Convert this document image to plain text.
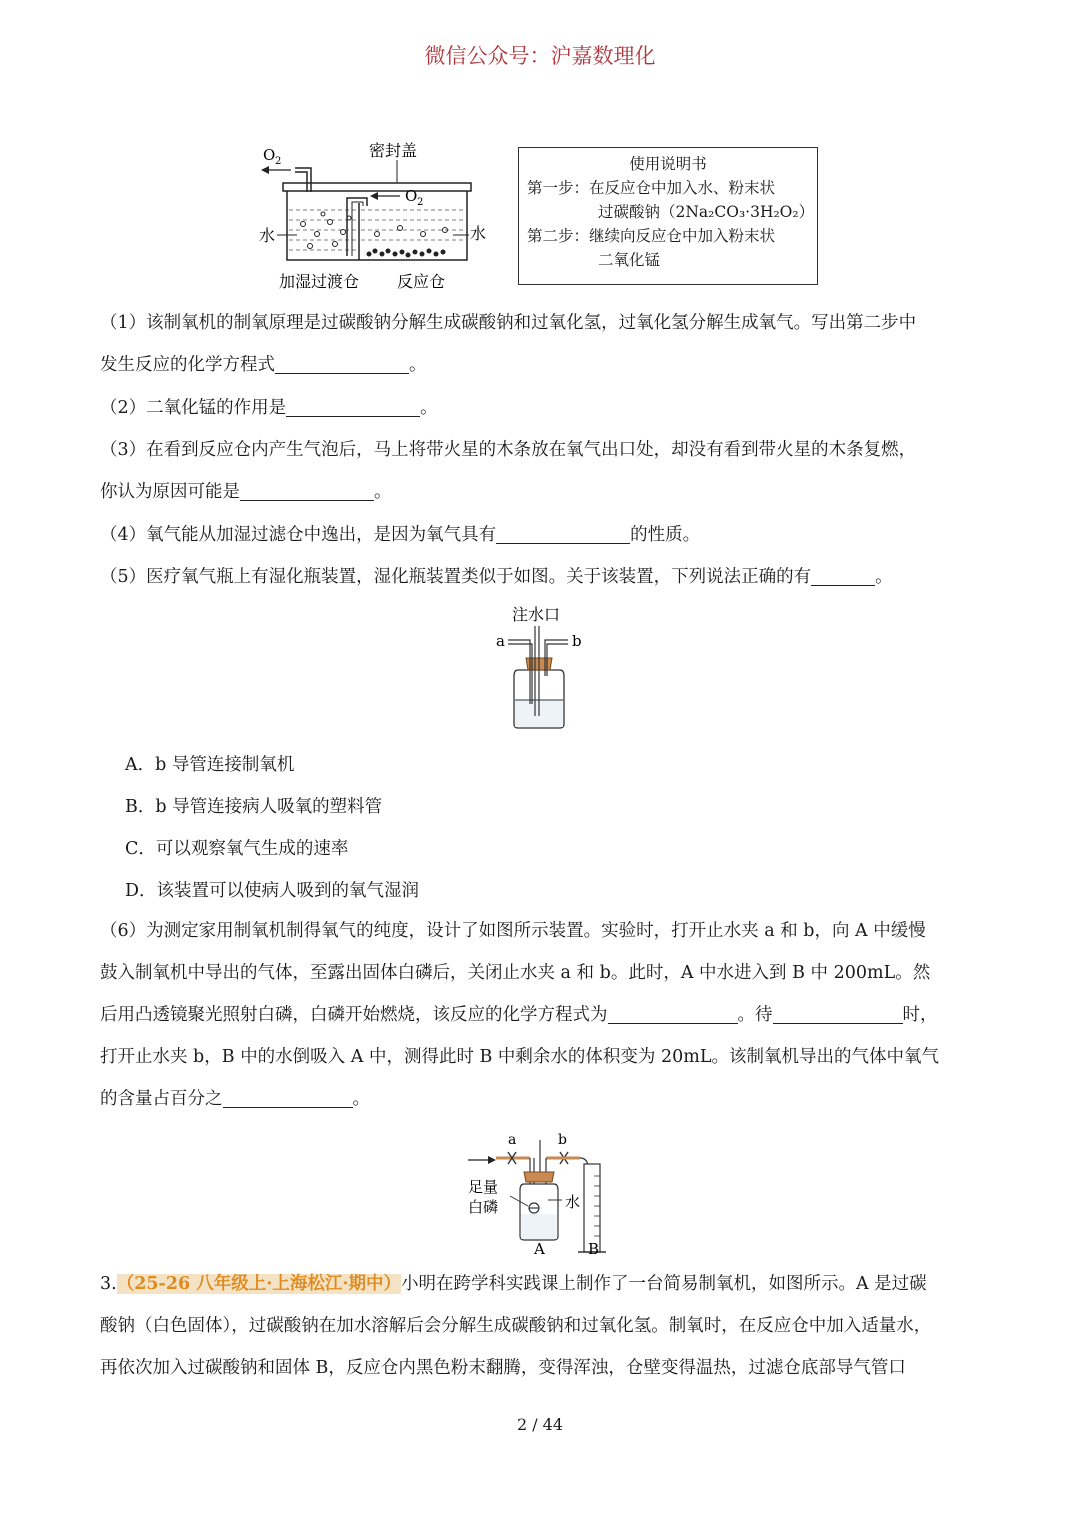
微信公众号：沪嘉数理化
O 2
密封盖
O 2
水	水
加湿过渡仓 反应仓
使用说明书
第一步：在反应仓中加入水、粉末状
过碳酸钠（2Na₂CO₃·3H₂O₂）
第二步：继续向反应仓中加入粉末状
二氧化锰
（1）该制氧机的制氧原理是过碳酸钠分解生成碳酸钠和过氧化氢，过氧化氢分解生成氧气。写出第二步中
发生反应的化学方程式	。
（2）二氧化锰的作用是	。
（3）在看到反应仓内产生气泡后，马上将带火星的木条放在氧气出口处，却没有看到带火星的木条复燃，
你认为原因可能是	。
（4）氧气能从加湿过滤仓中逸出，是因为氧气具有	的性质。
（5）医疗氧气瓶上有湿化瓶装置，湿化瓶装置类似于如图。关于该装置，下列说法正确的有	。
注水口
a	b
A．b 导管连接制氧机
B．b 导管连接病人吸氧的塑料管
C．可以观察氧气生成的速率
D．该装置可以使病人吸到的氧气湿润
（6）为测定家用制氧机制得氧气的纯度，设计了如图所示装置。实验时，打开止水夹 a 和 b，向 A 中缓慢
鼓入制氧机中导出的气体，至露出固体白磷后，关闭止水夹 a 和 b。此时，A 中水进入到 B 中 200mL。然
后用凸透镜聚光照射白磷，白磷开始燃烧，该反应的化学方程式为	。待	时，
打开止水夹 b，B 中的水倒吸入 A 中，测得此时 B 中剩余水的体积变为 20mL。该制氧机导出的气体中氧气
的含量占百分之	。
a	b
足量
白磷	水
A	B
3.（25-26 八年级上·上海松江·期中）小明在跨学科实践课上制作了一台简易制氧机，如图所示。A 是过碳
酸钠（白色固体），过碳酸钠在加水溶解后会分解生成碳酸钠和过氧化氢。制氧时，在反应仓中加入适量水，
再依次加入过碳酸钠和固体 B，反应仓内黑色粉末翻腾，变得浑浊，仓壁变得温热，过滤仓底部导气管口
2 / 44
